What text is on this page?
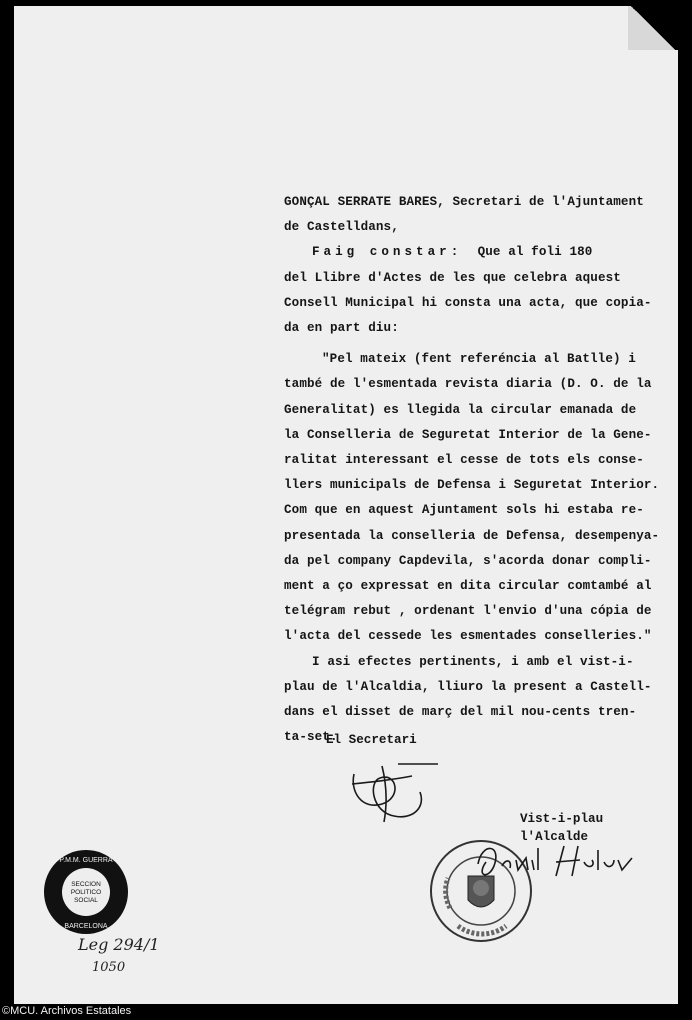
GONÇAL SERRATE BARES, Secretari de l'Ajuntament
de Castelldans,
Faig constar: Que al foli 180
del Llibre d'Actes de les que celebra aquest
Consell Municipal hi consta una acta, que copia-
da en part diu:
"Pel mateix (fent referéncia al Batlle) i
també de l'esmentada revista diaria (D. O. de la
Generalitat) es llegida la circular emanada de
la Conselleria de Seguretat Interior de la Gene-
ralitat interessant el cesse de tots els conse-
llers municipals de Defensa i Seguretat Interior.
Com que en aquest Ajuntament sols hi estaba re-
presentada la conselleria de Defensa, desempenya-
da pel company Capdevila, s'acorda donar compli-
ment a ço expressat en dita circular comtambé al
telégram rebut , ordenant l'envio d'una cópia de
l'acta del cessede les esmentades conselleries."
I asi efectes pertinents, i amb el vist-i-
plau de l'Alcaldia, lliuro la present a Castell-
dans el disset de març del mil nou-cents tren-
ta-set.
El Secretari
Vist-i-plau
l'Alcalde
SECCION
POLITICO
SOCIAL
P.M.M. GUERRA
BARCELONA
Leg 294/1
1050
©MCU. Archivos Estatales
